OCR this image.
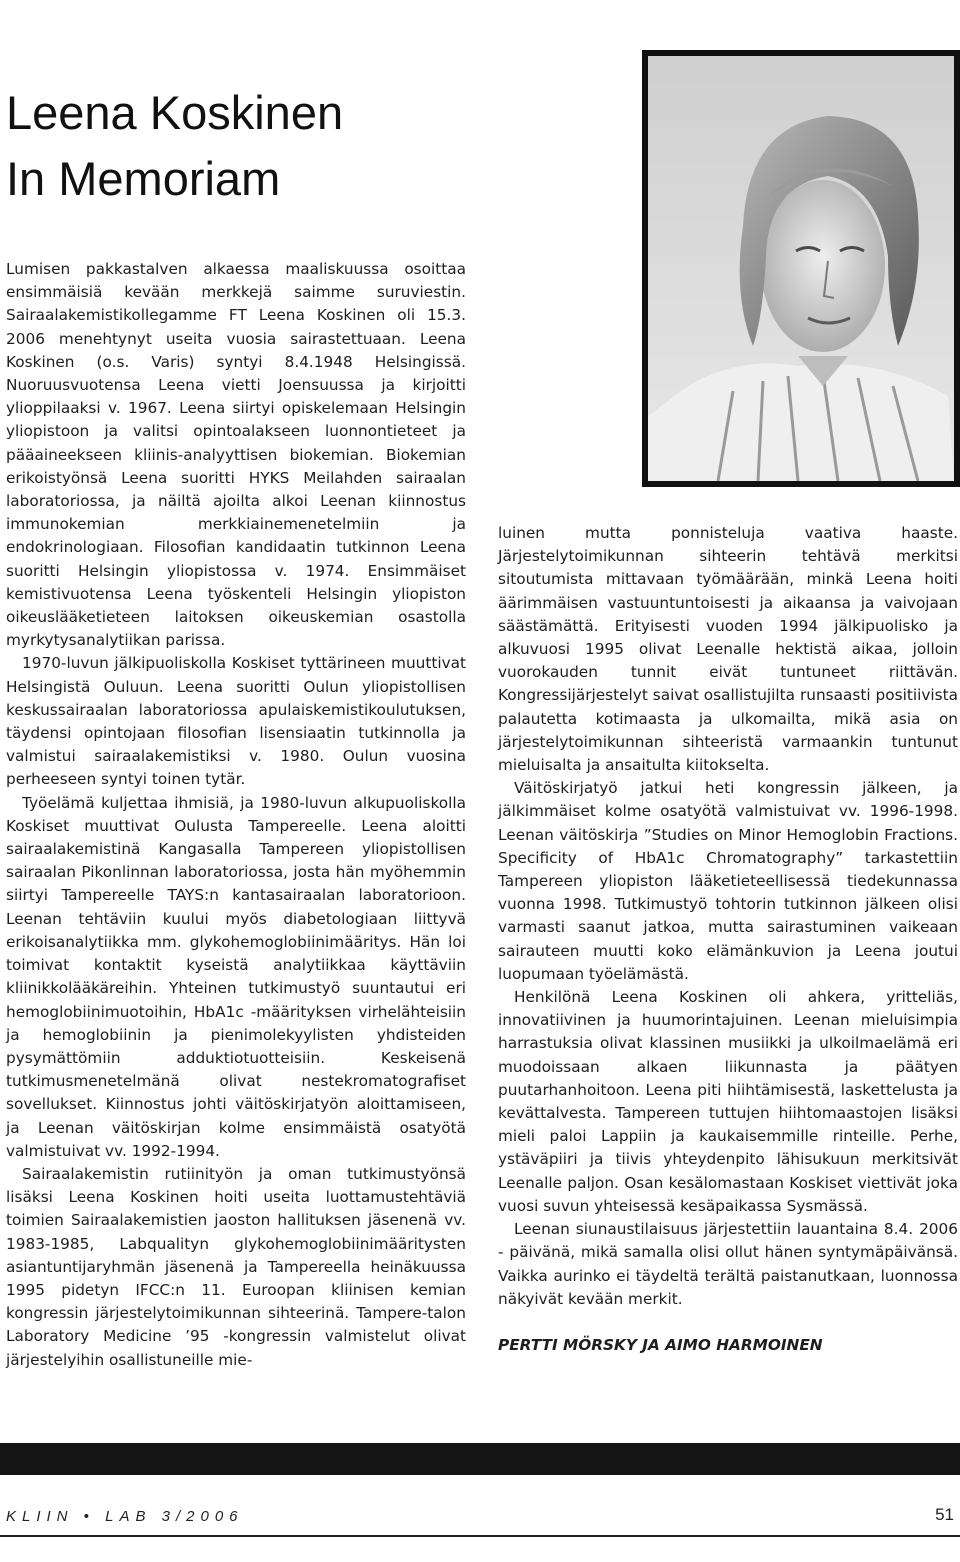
Leena Koskinen
In Memoriam

Lumisen pakkastalven alkaessa maaliskuussa osoittaa ensimmäisiä kevään merkkejä saimme suruviestin. Sairaalakemistikollegamme FT Leena Koskinen oli 15.3. 2006 menehtynyt useita vuosia sairastettuaan. Leena Koskinen (o.s. Varis) syntyi 8.4.1948 Helsingissä. Nuoruusvuotensa Leena vietti Joensuussa ja kirjoitti ylioppilaaksi v. 1967. Leena siirtyi opiskelemaan Helsingin yliopistoon ja valitsi opintoalakseen luonnontieteet ja pääaineekseen kliinis-analyyttisen biokemian. Biokemian erikoistyönsä Leena suoritti HYKS Meilahden sairaalan laboratoriossa, ja näiltä ajoilta alkoi Leenan kiinnostus immunokemian merkkiainemenetelmiin ja endokrinologiaan. Filosofian kandidaatin tutkinnon Leena suoritti Helsingin yliopistossa v. 1974. Ensimmäiset kemistivuotensa Leena työskenteli Helsingin yliopiston oikeuslääketieteen laitoksen oikeuskemian osastolla myrkytysanalytiikan parissa.

1970-luvun jälkipuoliskolla Koskiset tyttärineen muuttivat Helsingistä Ouluun. Leena suoritti Oulun yliopistollisen keskussairaalan laboratoriossa apulaiskemistikoulutuksen, täydensi opintojaan filosofian lisensiaatin tutkinnolla ja valmistui sairaalakemistiksi v. 1980. Oulun vuosina perheeseen syntyi toinen tytär.

Työelämä kuljettaa ihmisiä, ja 1980-luvun alkupuoliskolla Koskiset muuttivat Oulusta Tampereelle. Leena aloitti sairaalakemistinä Kangasalla Tampereen yliopistollisen sairaalan Pikonlinnan laboratoriossa, josta hän myöhemmin siirtyi Tampereelle TAYS:n kantasairaalan laboratorioon. Leenan tehtäviin kuului myös diabetologiaan liittyvä erikoisanalytiikka mm. glykohemoglobiinimääritys. Hän loi toimivat kontaktit kyseistä analytiikkaa käyttäviin kliinikkolääkäreihin. Yhteinen tutkimustyö suuntautui eri hemoglobiinimuotoihin, HbA1c -määrityksen virhelähteisiin ja hemoglobiinin ja pienimolekyylisten yhdisteiden pysymättömiin adduktiotuotteisiin. Keskeisenä tutkimusmenetelmänä olivat nestekromatografiset sovellukset. Kiinnostus johti väitöskirjatyön aloittamiseen, ja Leenan väitöskirjan kolme ensimmäistä osatyötä valmistuivat vv. 1992-1994.

Sairaalakemistin rutiinityön ja oman tutkimustyönsä lisäksi Leena Koskinen hoiti useita luottamustehtäviä toimien Sairaalakemistien jaoston hallituksen jäsenenä vv. 1983-1985, Labqualityn glykohemoglobiinimääritysten asiantuntijaryhmän jäsenenä ja Tampereella heinäkuussa 1995 pidetyn IFCC:n 11. Euroopan kliinisen kemian kongressin järjestelytoimikunnan sihteerinä. Tampere-talon Laboratory Medicine ’95 -kongressin valmistelut olivat järjestelyihin osallistuneille mie-

luinen mutta ponnisteluja vaativa haaste. Järjestelytoimikunnan sihteerin tehtävä merkitsi sitoutumista mittavaan työmäärään, minkä Leena hoiti äärimmäisen vastuuntuntoisesti ja aikaansa ja vaivojaan säästämättä. Erityisesti vuoden 1994 jälkipuolisko ja alkuvuosi 1995 olivat Leenalle hektistä aikaa, jolloin vuorokauden tunnit eivät tuntuneet riittävän. Kongressijärjestelyt saivat osallistujilta runsaasti positiivista palautetta kotimaasta ja ulkomailta, mikä asia on järjestelytoimikunnan sihteeristä varmaankin tuntunut mieluisalta ja ansaitulta kiitokselta.

Väitöskirjatyö jatkui heti kongressin jälkeen, ja jälkimmäiset kolme osatyötä valmistuivat vv. 1996-1998. Leenan väitöskirja ”Studies on Minor Hemoglobin Fractions. Specificity of HbA1c Chromatography” tarkastettiin Tampereen yliopiston lääketieteellisessä tiedekunnassa vuonna 1998. Tutkimustyö tohtorin tutkinnon jälkeen olisi varmasti saanut jatkoa, mutta sairastuminen vaikeaan sairauteen muutti koko elämänkuvion ja Leena joutui luopumaan työelämästä.

Henkilönä Leena Koskinen oli ahkera, yritteliäs, innovatiivinen ja huumorintajuinen. Leenan mieluisimpia harrastuksia olivat klassinen musiikki ja ulkoilmaelämä eri muodoissaan alkaen liikunnasta ja päätyen puutarhanhoitoon. Leena piti hiihtämisestä, laskettelusta ja kevättalvesta. Tampereen tuttujen hiihtomaastojen lisäksi mieli paloi Lappiin ja kaukaisemmille rinteille. Perhe, ystäväpiiri ja tiivis yhteydenpito lähisukuun merkitsivät Leenalle paljon. Osan kesälomastaan Koskiset viettivät joka vuosi suvun yhteisessä kesäpaikassa Sysmässä.

Leenan siunaustilaisuus järjestettiin lauantaina 8.4. 2006 - päivänä, mikä samalla olisi ollut hänen syntymäpäivänsä. Vaikka aurinko ei täydeltä terältä paistanutkaan, luonnossa näkyivät kevään merkit.

PERTTI MÖRSKY JA AIMO HARMOINEN

KLIIN • LAB 3/2006	51
